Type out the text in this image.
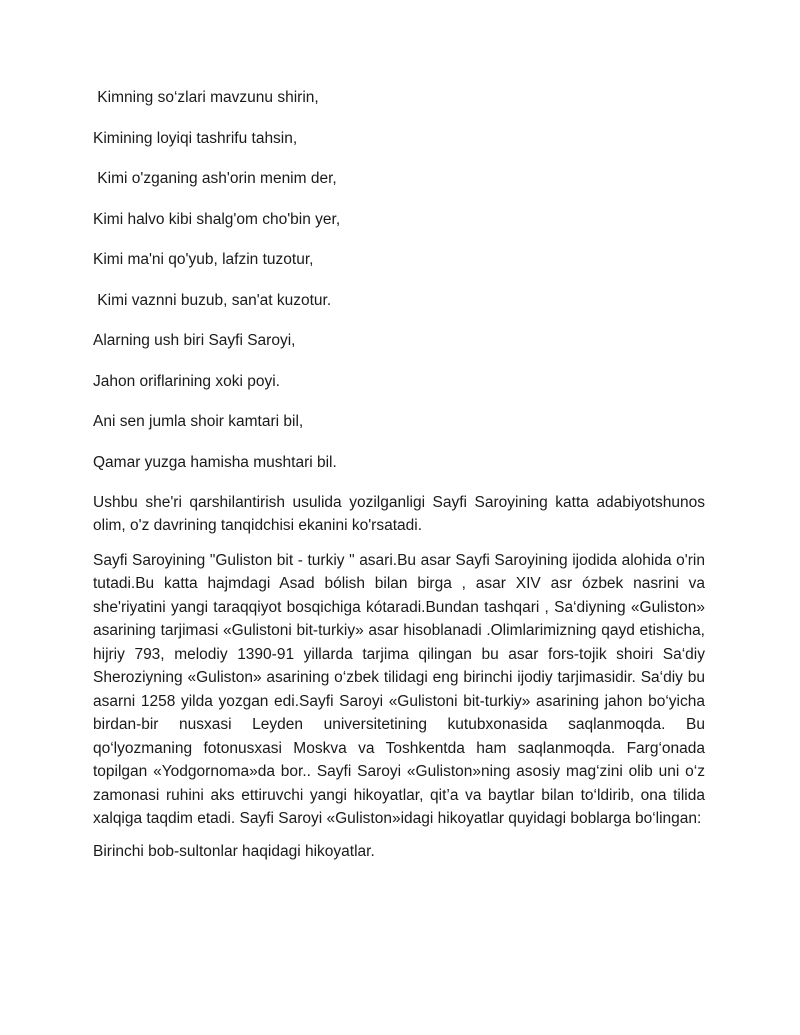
Kimning so‘zlari mavzunu shirin,

Kimining loyiqi tashrifu tahsin,

Kimi o'zganing ash'orin menim der,

Kimi halvo kibi shalg'om cho'bin yer,

Kimi ma'ni qo'yub, lafzin tuzotur,

Kimi vaznni buzub, san'at kuzotur.

Alarning ush biri Sayfi Saroyi,

Jahon oriflarining xoki poyi.

Ani sen jumla shoir kamtari bil,

Qamar yuzga hamisha mushtari bil.

Ushbu she'ri qarshilantirish usulida yozilganligi Sayfi Saroyining katta adabiyotshunos olim, o'z davrining tanqidchisi ekanini ko'rsatadi.

Sayfi Saroyining "Guliston bit - turkiy " asari.Bu asar Sayfi Saroyining ijodida alohida o'rin tutadi.Bu katta hajmdagi Asad bólish bilan birga , asar XIV asr ózbek nasrini va she'riyatini yangi taraqqiyot bosqichiga kótaradi.Bundan tashqari , Sa‘diyning «Guliston» asarining tarjimasi «Gulistoni bit-turkiy» asar hisoblanadi .Olimlarimizning qayd etishicha, hijriy 793, melodiy 1390-91 yillarda tarjima qilingan bu asar fors-tojik shoiri Sa‘diy Sheroziyning «Guliston» asarining o‘zbek tilidagi eng birinchi ijodiy tarjimasidir. Sa‘diy bu asarni 1258 yilda yozgan edi.Sayfi Saroyi «Gulistoni bit-turkiy» asarining jahon bo‘yicha birdan-bir nusxasi Leyden universitetining kutubxonasida saqlanmoqda. Bu qo‘lyozmaning fotonusxasi Moskva va Toshkentda ham saqlanmoqda. Farg‘onada topilgan «Yodgornoma»da bor.. Sayfi Saroyi «Guliston»ning asosiy mag‘zini olib uni o‘z zamonasi ruhini aks ettiruvchi yangi hikoyatlar, qit’a va baytlar bilan to‘ldirib, ona tilida xalqiga taqdim etadi. Sayfi Saroyi «Guliston»idagi hikoyatlar quyidagi boblarga bo‘lingan:

Birinchi bob-sultonlar haqidagi hikoyatlar.
